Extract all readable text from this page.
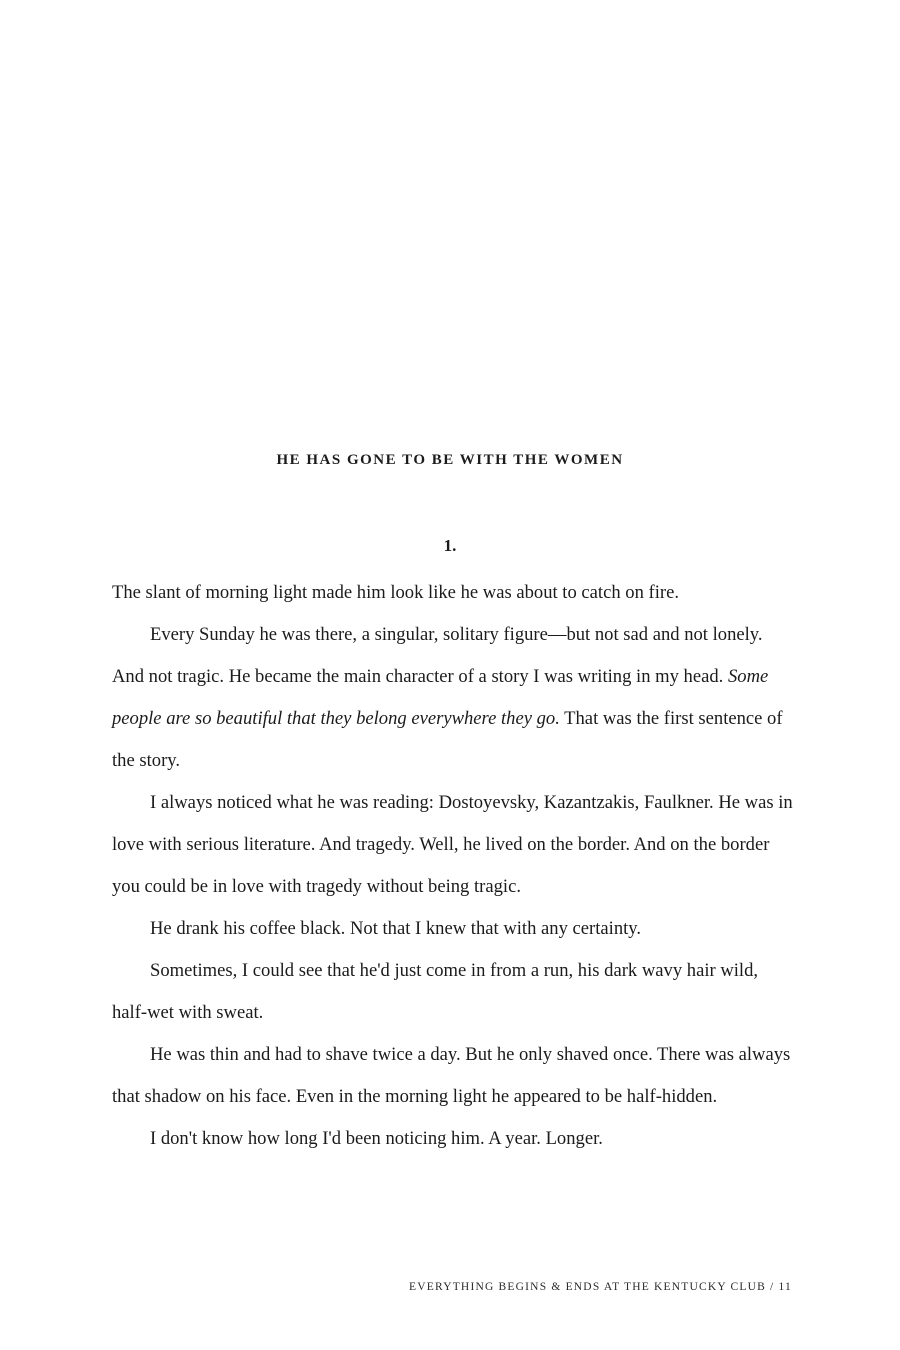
HE HAS GONE TO BE WITH THE WOMEN
1.

The slant of morning light made him look like he was about to catch on fire.

Every Sunday he was there, a singular, solitary figure—but not sad and not lonely. And not tragic. He became the main character of a story I was writing in my head. Some people are so beautiful that they belong everywhere they go. That was the first sentence of the story.

I always noticed what he was reading: Dostoyevsky, Kazantzakis, Faulkner. He was in love with serious literature. And tragedy. Well, he lived on the border. And on the border you could be in love with tragedy without being tragic.

He drank his coffee black. Not that I knew that with any certainty.

Sometimes, I could see that he'd just come in from a run, his dark wavy hair wild, half-wet with sweat.

He was thin and had to shave twice a day. But he only shaved once. There was always that shadow on his face. Even in the morning light he appeared to be half-hidden.

I don't know how long I'd been noticing him. A year. Longer.

EVERYTHING BEGINS & ENDS AT THE KENTUCKY CLUB / 11
